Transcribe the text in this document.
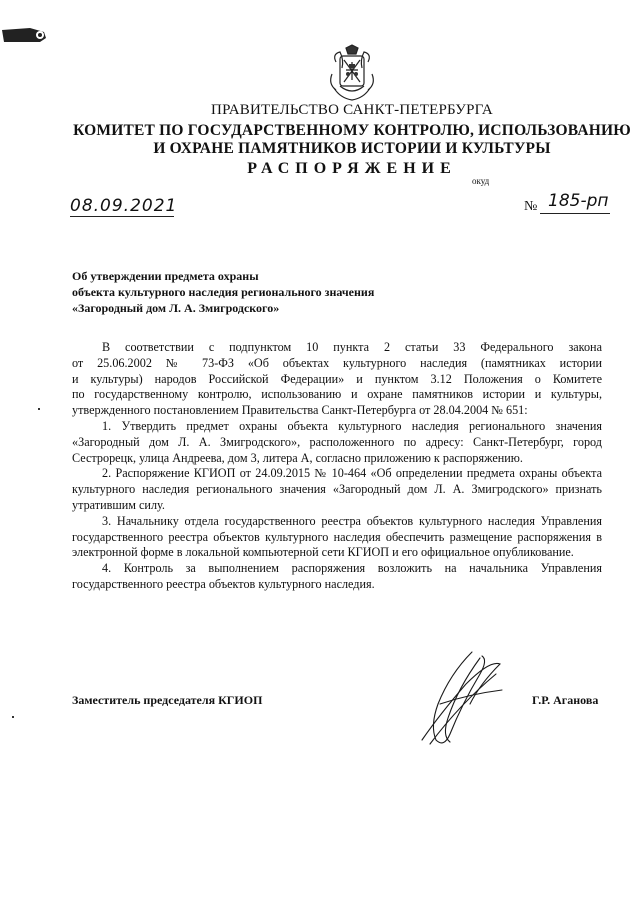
ПРАВИТЕЛЬСТВО САНКТ-ПЕТЕРБУРГА
КОМИТЕТ ПО ГОСУДАРСТВЕННОМУ КОНТРОЛЮ, ИСПОЛЬЗОВАНИЮ
И ОХРАНЕ ПАМЯТНИКОВ ИСТОРИИ И КУЛЬТУРЫ
РАСПОРЯЖЕНИЕ
окуд
08.09.2021	№ 185-рп
Об утверждении предмета охраны
объекта культурного наследия регионального значения
«Загородный дом Л. А. Змигродского»
В соответствии с подпунктом 10 пункта 2 статьи 33 Федерального закона
от 25.06.2002 № 73-ФЗ «Об объектах культурного наследия (памятниках истории
и культуры) народов Российской Федерации» и пунктом 3.12 Положения о Комитете
по государственному контролю, использованию и охране памятников истории и культуры,
утвержденного постановлением Правительства Санкт-Петербурга от 28.04.2004 № 651:
1. Утвердить предмет охраны объекта культурного наследия регионального значения
«Загородный дом Л. А. Змигродского», расположенного по адресу: Санкт-Петербург, город
Сестрорецк, улица Андреева, дом 3, литера А, согласно приложению к распоряжению.
2. Распоряжение КГИОП от 24.09.2015 № 10-464 «Об определении предмета охраны объекта
культурного наследия регионального значения «Загородный дом Л. А. Змигродского» признать
утратившим силу.
3. Начальнику отдела государственного реестра объектов культурного наследия Управления
государственного реестра объектов культурного наследия обеспечить размещение распоряжения в
электронной форме в локальной компьютерной сети КГИОП и его официальное опубликование.
4. Контроль за выполнением распоряжения возложить на начальника Управления
государственного реестра объектов культурного наследия.
Заместитель председателя КГИОП	Г.Р. Аганова
